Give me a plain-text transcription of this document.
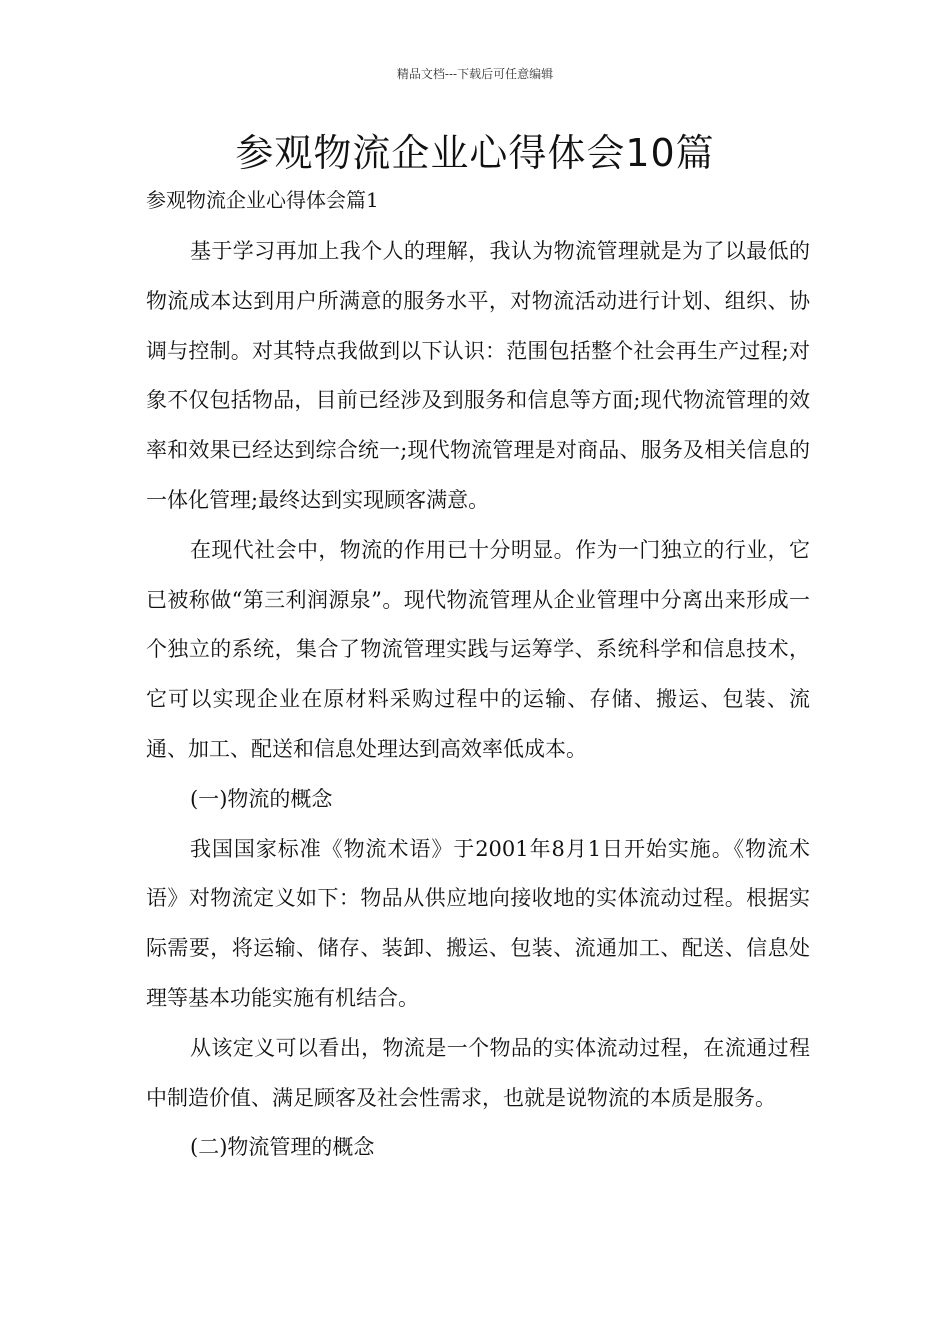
精品文档---下载后可任意编辑
参观物流企业心得体会10篇
参观物流企业心得体会篇1

基于学习再加上我个人的理解，我认为物流管理就是为了以最低的物流成本达到用户所满意的服务水平，对物流活动进行计划、组织、协调与控制。对其特点我做到以下认识：范围包括整个社会再生产过程;对象不仅包括物品，目前已经涉及到服务和信息等方面;现代物流管理的效率和效果已经达到综合统一;现代物流管理是对商品、服务及相关信息的一体化管理;最终达到实现顾客满意。

在现代社会中，物流的作用已十分明显。作为一门独立的行业，它已被称做“第三利润源泉”。现代物流管理从企业管理中分离出来形成一个独立的系统，集合了物流管理实践与运筹学、系统科学和信息技术，它可以实现企业在原材料采购过程中的运输、存储、搬运、包装、流通、加工、配送和信息处理达到高效率低成本。

(一)物流的概念

我国国家标准《物流术语》于2001年8月1日开始实施。《物流术语》对物流定义如下：物品从供应地向接收地的实体流动过程。根据实际需要，将运输、储存、装卸、搬运、包装、流通加工、配送、信息处理等基本功能实施有机结合。

从该定义可以看出，物流是一个物品的实体流动过程，在流通过程中制造价值、满足顾客及社会性需求，也就是说物流的本质是服务。

(二)物流管理的概念
